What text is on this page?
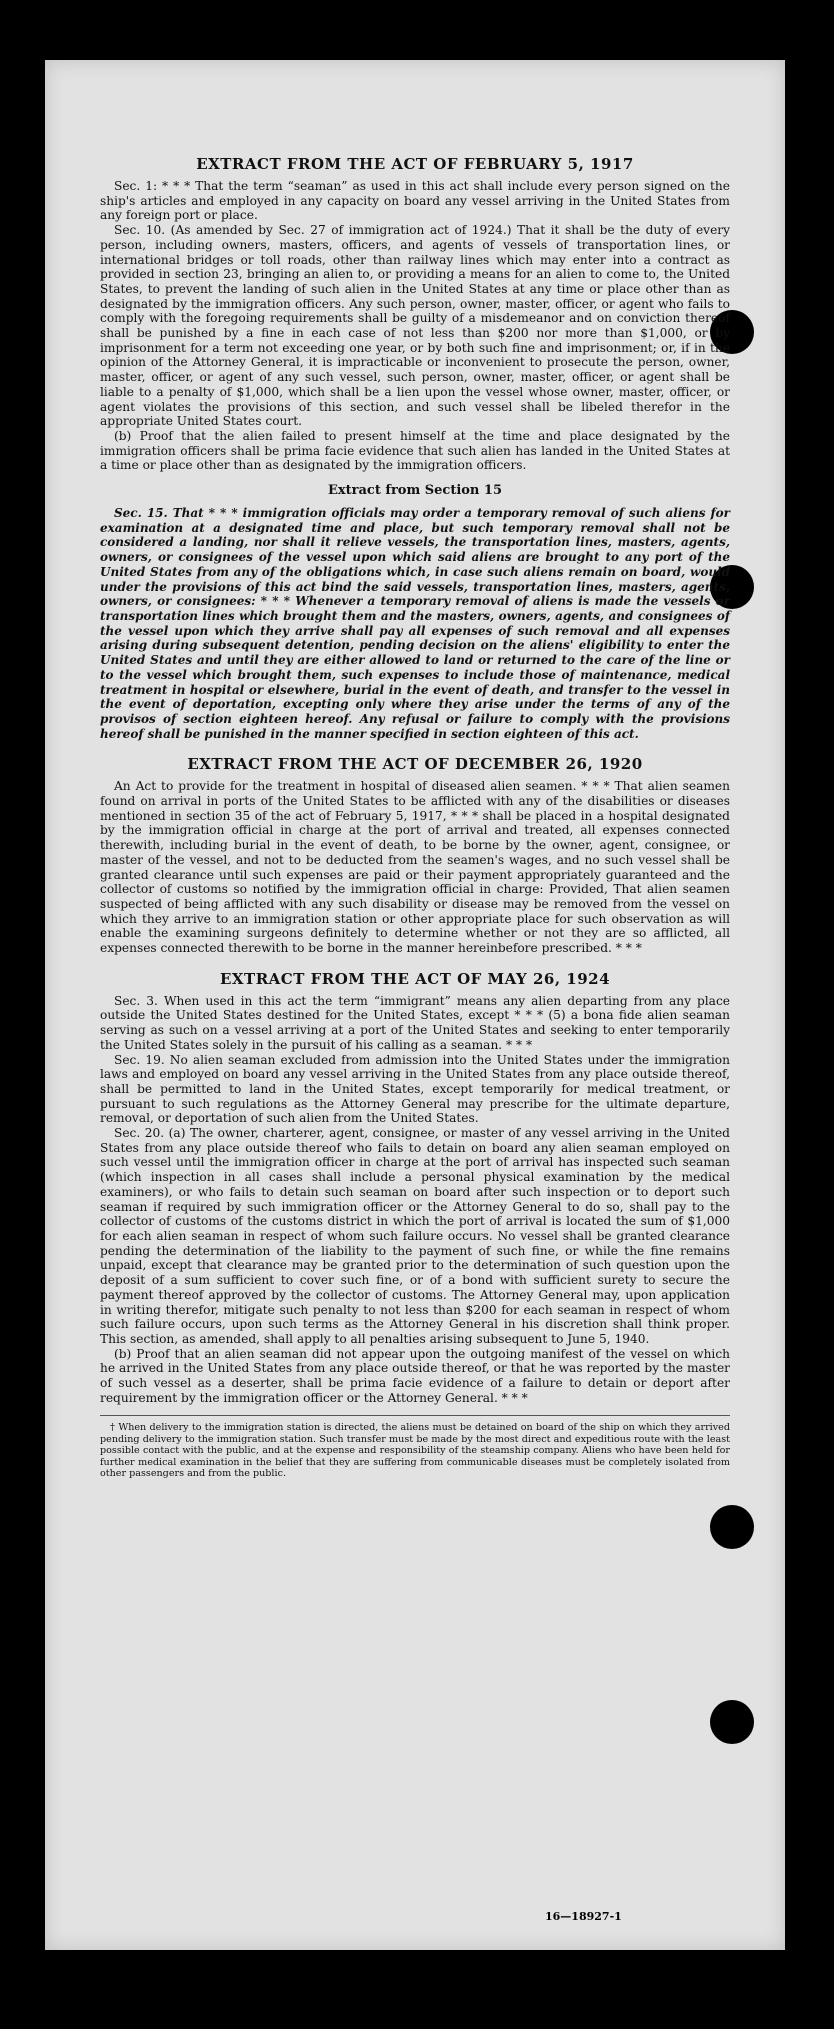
EXTRACT FROM THE ACT OF FEBRUARY 5, 1917

Sec. 1: * * * That the term “seaman” as used in this act shall include every person signed on the ship's articles and employed in any capacity on board any vessel arriving in the United States from any foreign port or place.

Sec. 10. (As amended by Sec. 27 of immigration act of 1924.) That it shall be the duty of every person, including owners, masters, officers, and agents of vessels of transportation lines, or international bridges or toll roads, other than railway lines which may enter into a contract as provided in section 23, bringing an alien to, or providing a means for an alien to come to, the United States, to prevent the landing of such alien in the United States at any time or place other than as designated by the immigration officers. Any such person, owner, master, officer, or agent who fails to comply with the foregoing requirements shall be guilty of a misdemeanor and on conviction thereof shall be punished by a fine in each case of not less than $200 nor more than $1,000, or by imprisonment for a term not exceeding one year, or by both such fine and imprisonment; or, if in the opinion of the Attorney General, it is impracticable or inconvenient to prosecute the person, owner, master, officer, or agent of any such vessel, such person, owner, master, officer, or agent shall be liable to a penalty of $1,000, which shall be a lien upon the vessel whose owner, master, officer, or agent violates the provisions of this section, and such vessel shall be libeled therefor in the appropriate United States court.

(b) Proof that the alien failed to present himself at the time and place designated by the immigration officers shall be prima facie evidence that such alien has landed in the United States at a time or place other than as designated by the immigration officers.

Extract from Section 15

Sec. 15. That * * * immigration officials may order a temporary removal of such aliens for examination at a designated time and place, but such temporary removal shall not be considered a landing, nor shall it relieve vessels, the transportation lines, masters, agents, owners, or consignees of the vessel upon which said aliens are brought to any port of the United States from any of the obligations which, in case such aliens remain on board, would under the provisions of this act bind the said vessels, transportation lines, masters, agents, owners, or consignees: * * * Whenever a temporary removal of aliens is made the vessels or transportation lines which brought them and the masters, owners, agents, and consignees of the vessel upon which they arrive shall pay all expenses of such removal and all expenses arising during subsequent detention, pending decision on the aliens' eligibility to enter the United States and until they are either allowed to land or returned to the care of the line or to the vessel which brought them, such expenses to include those of maintenance, medical treatment in hospital or elsewhere, burial in the event of death, and transfer to the vessel in the event of deportation, excepting only where they arise under the terms of any of the provisos of section eighteen hereof. Any refusal or failure to comply with the provisions hereof shall be punished in the manner specified in section eighteen of this act.

EXTRACT FROM THE ACT OF DECEMBER 26, 1920

An Act to provide for the treatment in hospital of diseased alien seamen. * * * That alien seamen found on arrival in ports of the United States to be afflicted with any of the disabilities or diseases mentioned in section 35 of the act of February 5, 1917, * * * shall be placed in a hospital designated by the immigration official in charge at the port of arrival and treated, all expenses connected therewith, including burial in the event of death, to be borne by the owner, agent, consignee, or master of the vessel, and not to be deducted from the seamen's wages, and no such vessel shall be granted clearance until such expenses are paid or their payment appropriately guaranteed and the collector of customs so notified by the immigration official in charge: Provided, That alien seamen suspected of being afflicted with any such disability or disease may be removed from the vessel on which they arrive to an immigration station or other appropriate place for such observation as will enable the examining surgeons definitely to determine whether or not they are so afflicted, all expenses connected therewith to be borne in the manner hereinbefore prescribed. * * *

EXTRACT FROM THE ACT OF MAY 26, 1924

Sec. 3. When used in this act the term “immigrant” means any alien departing from any place outside the United States destined for the United States, except * * * (5) a bona fide alien seaman serving as such on a vessel arriving at a port of the United States and seeking to enter temporarily the United States solely in the pursuit of his calling as a seaman. * * *

Sec. 19. No alien seaman excluded from admission into the United States under the immigration laws and employed on board any vessel arriving in the United States from any place outside thereof, shall be permitted to land in the United States, except temporarily for medical treatment, or pursuant to such regulations as the Attorney General may prescribe for the ultimate departure, removal, or deportation of such alien from the United States.

Sec. 20. (a) The owner, charterer, agent, consignee, or master of any vessel arriving in the United States from any place outside thereof who fails to detain on board any alien seaman employed on such vessel until the immigration officer in charge at the port of arrival has inspected such seaman (which inspection in all cases shall include a personal physical examination by the medical examiners), or who fails to detain such seaman on board after such inspection or to deport such seaman if required by such immigration officer or the Attorney General to do so, shall pay to the collector of customs of the customs district in which the port of arrival is located the sum of $1,000 for each alien seaman in respect of whom such failure occurs. No vessel shall be granted clearance pending the determination of the liability to the payment of such fine, or while the fine remains unpaid, except that clearance may be granted prior to the determination of such question upon the deposit of a sum sufficient to cover such fine, or of a bond with sufficient surety to secure the payment thereof approved by the collector of customs. The Attorney General may, upon application in writing therefor, mitigate such penalty to not less than $200 for each seaman in respect of whom such failure occurs, upon such terms as the Attorney General in his discretion shall think proper. This section, as amended, shall apply to all penalties arising subsequent to June 5, 1940.

(b) Proof that an alien seaman did not appear upon the outgoing manifest of the vessel on which he arrived in the United States from any place outside thereof, or that he was reported by the master of such vessel as a deserter, shall be prima facie evidence of a failure to detain or deport after requirement by the immigration officer or the Attorney General. * * *

† When delivery to the immigration station is directed, the aliens must be detained on board of the ship on which they arrived pending delivery to the immigration station. Such transfer must be made by the most direct and expeditious route with the least possible contact with the public, and at the expense and responsibility of the steamship company. Aliens who have been held for further medical examination in the belief that they are suffering from communicable diseases must be completely isolated from other passengers and from the public.
16—18927-1
